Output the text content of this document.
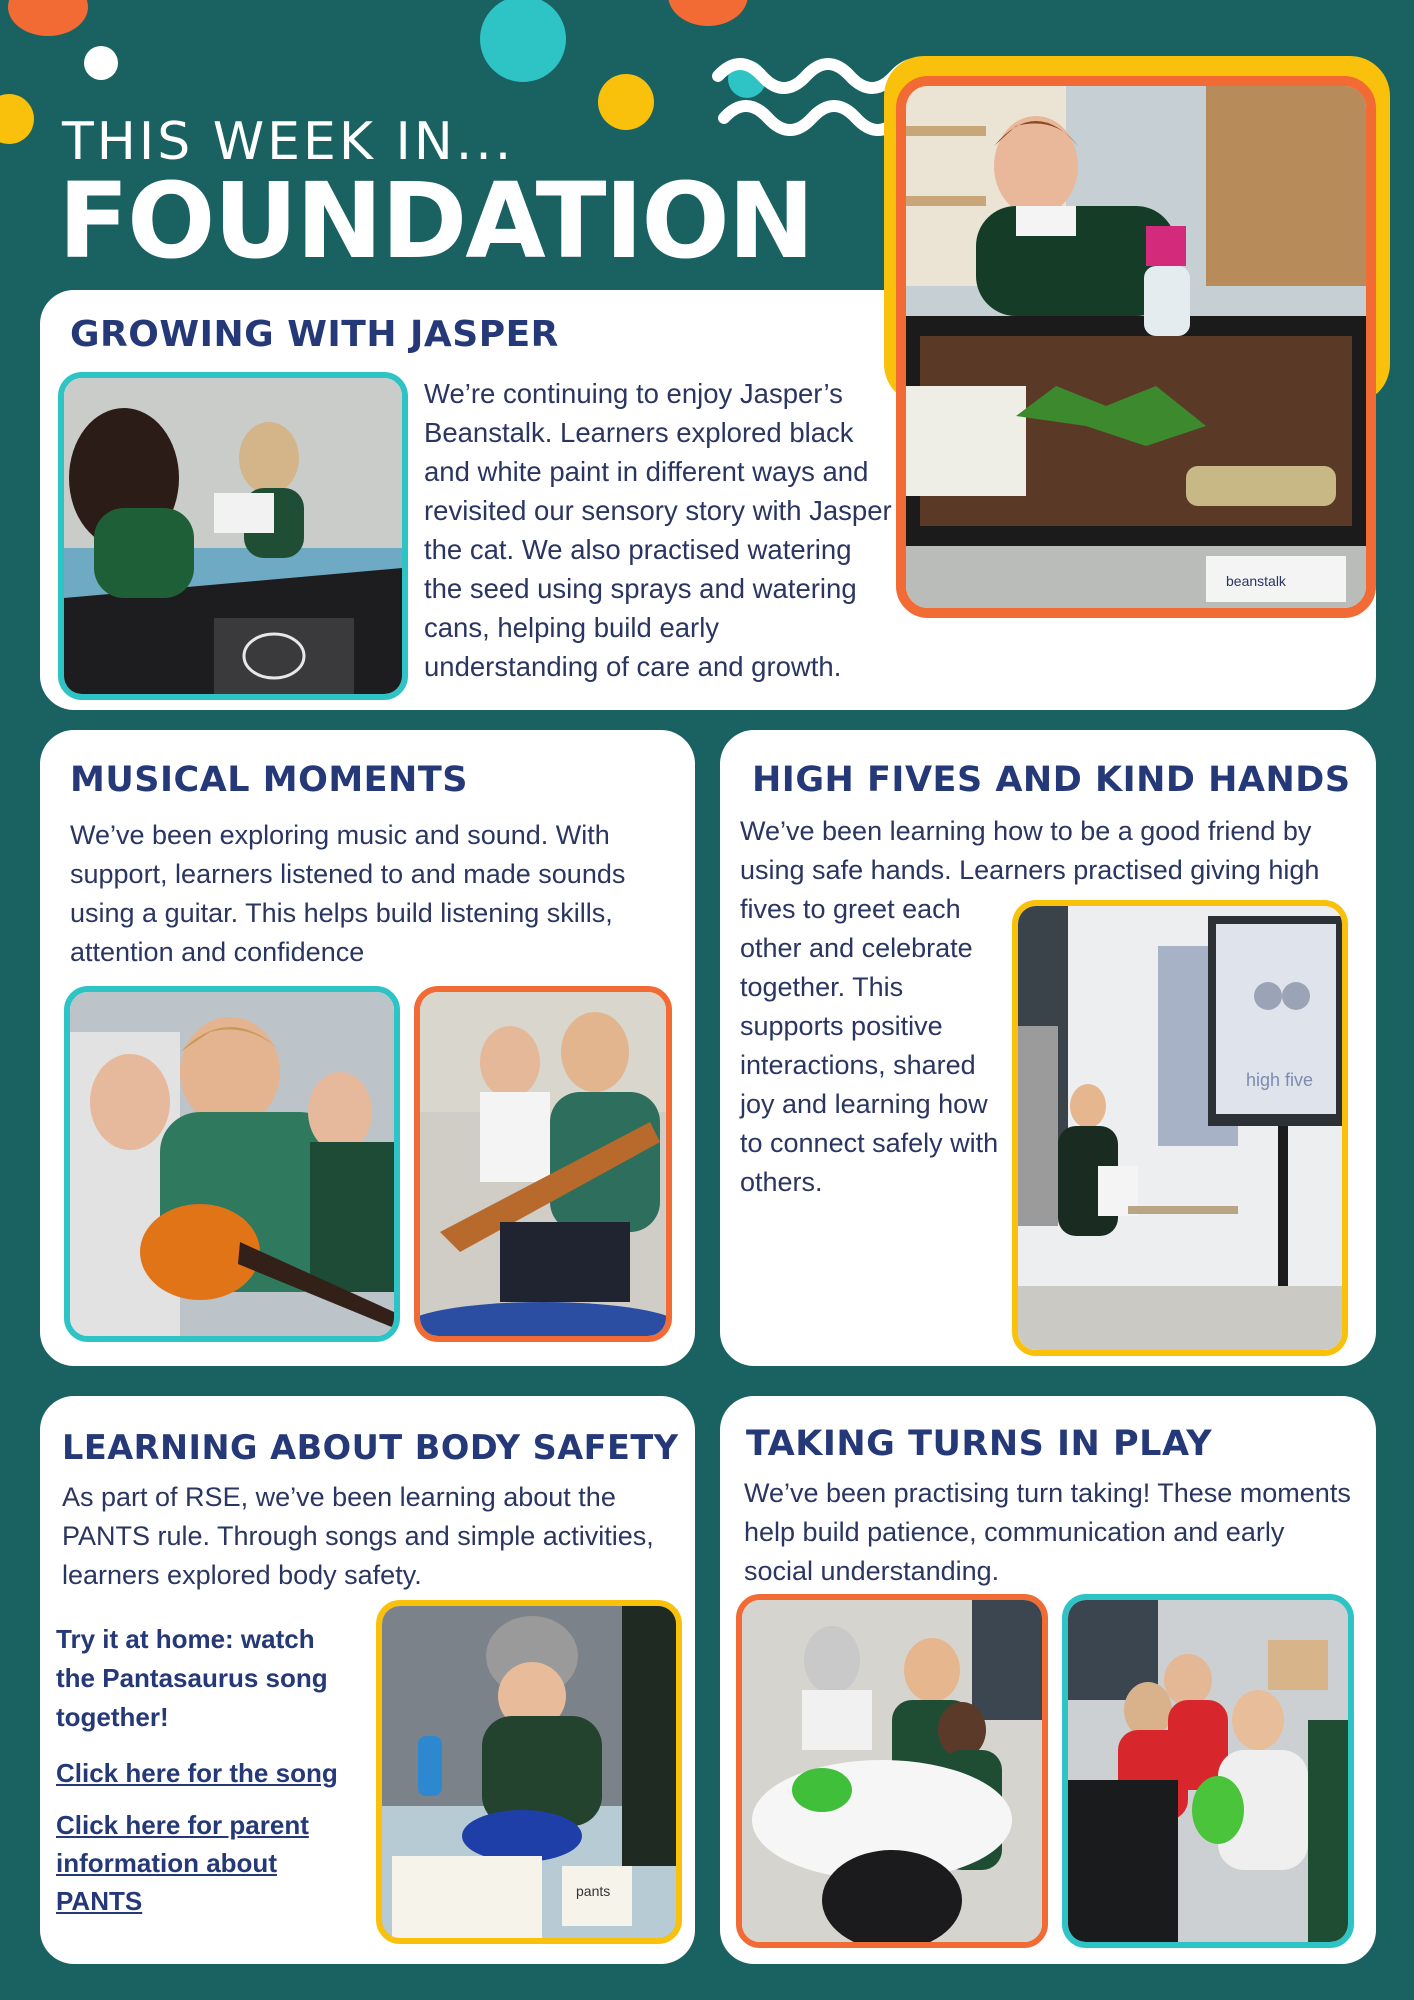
THIS WEEK IN...
FOUNDATION
GROWING WITH JASPER
We’re continuing to enjoy Jasper’s Beanstalk. Learners explored black and white paint in different ways and revisited our sensory story with Jasper the cat. We also practised watering the seed using sprays and watering cans, helping build early understanding of care and growth.
beanstalk
MUSICAL MOMENTS
We’ve been exploring music and sound. With support, learners listened to and made sounds using a guitar. This helps build listening skills, attention and confidence
HIGH FIVES AND KIND HANDS
We’ve been learning how to be a good friend by using safe hands. Learners practised giving high
fives to greet each other and celebrate together. This supports positive interactions, shared joy and learning how to connect safely with others.
high five
LEARNING ABOUT BODY SAFETY
As part of RSE, we’ve been learning about the PANTS rule. Through songs and simple activities, learners explored body safety.
Try it at home: watch the Pantasaurus song together!
Click here for the song
Click here for parent information about PANTS	pants
TAKING TURNS IN PLAY
We’ve been practising turn taking! These moments help build patience, communication and early social understanding.
